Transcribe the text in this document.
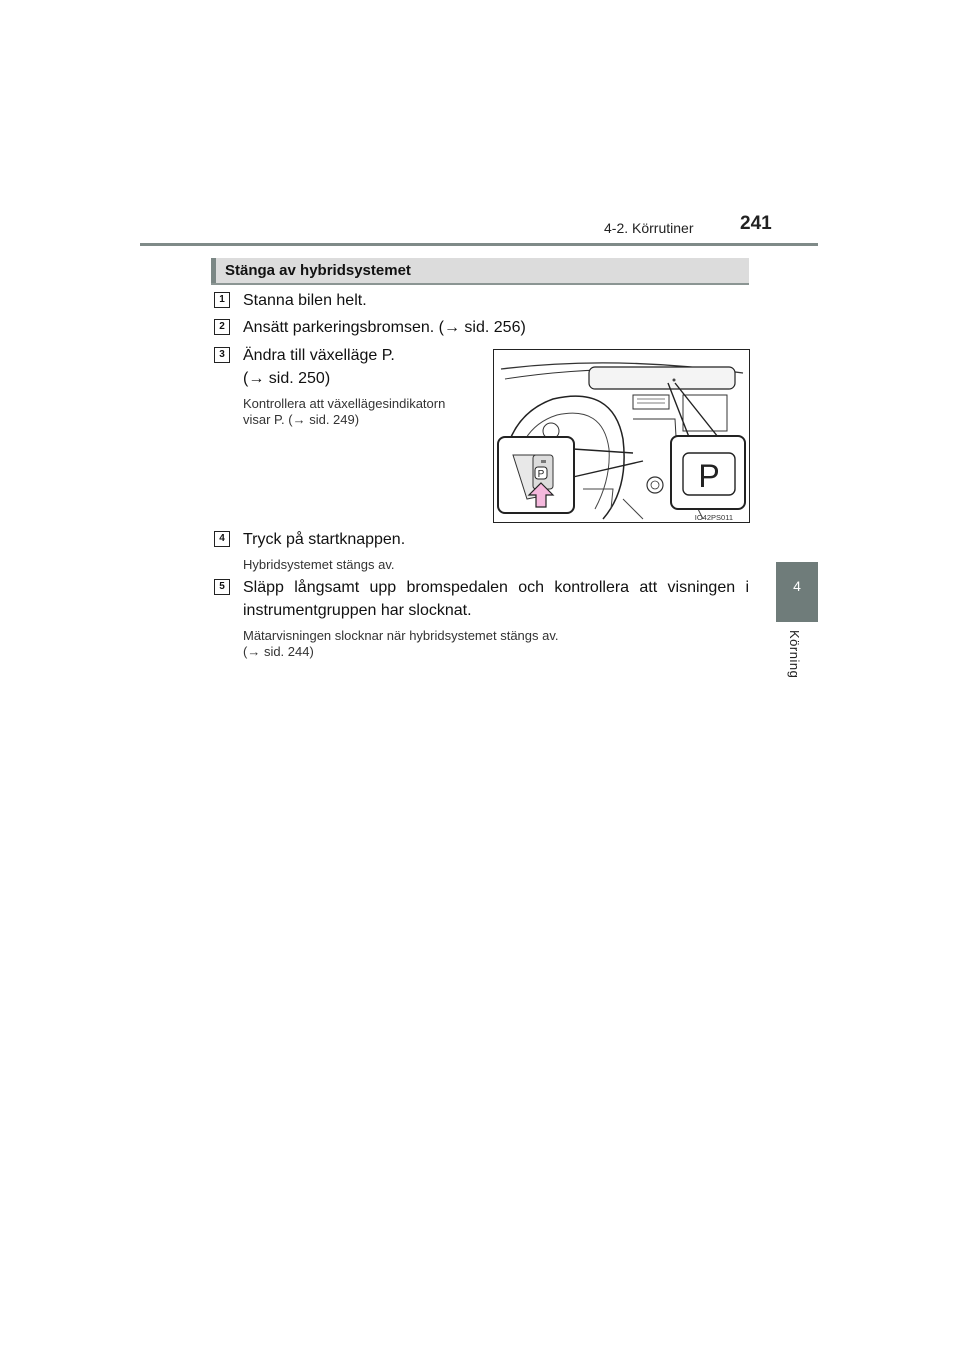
4-2. Körrutiner 241
4
Körning
Stänga av hybridsystemet
1	Stanna bilen helt.
2	Ansätt parkeringsbromsen. (→ sid. 256)
3	Ändra till växelläge P.
(→ sid. 250)
Kontrollera att växellägesindikatorn
visar P. (→ sid. 249)
P	P
IO42PS011
4	Tryck på startknappen.
Hybridsystemet stängs av.
5	Släpp långsamt upp bromspedalen och kontrollera att visningen i
instrumentgruppen har slocknat.
Mätarvisningen slocknar när hybridsystemet stängs av.
(→ sid. 244)
